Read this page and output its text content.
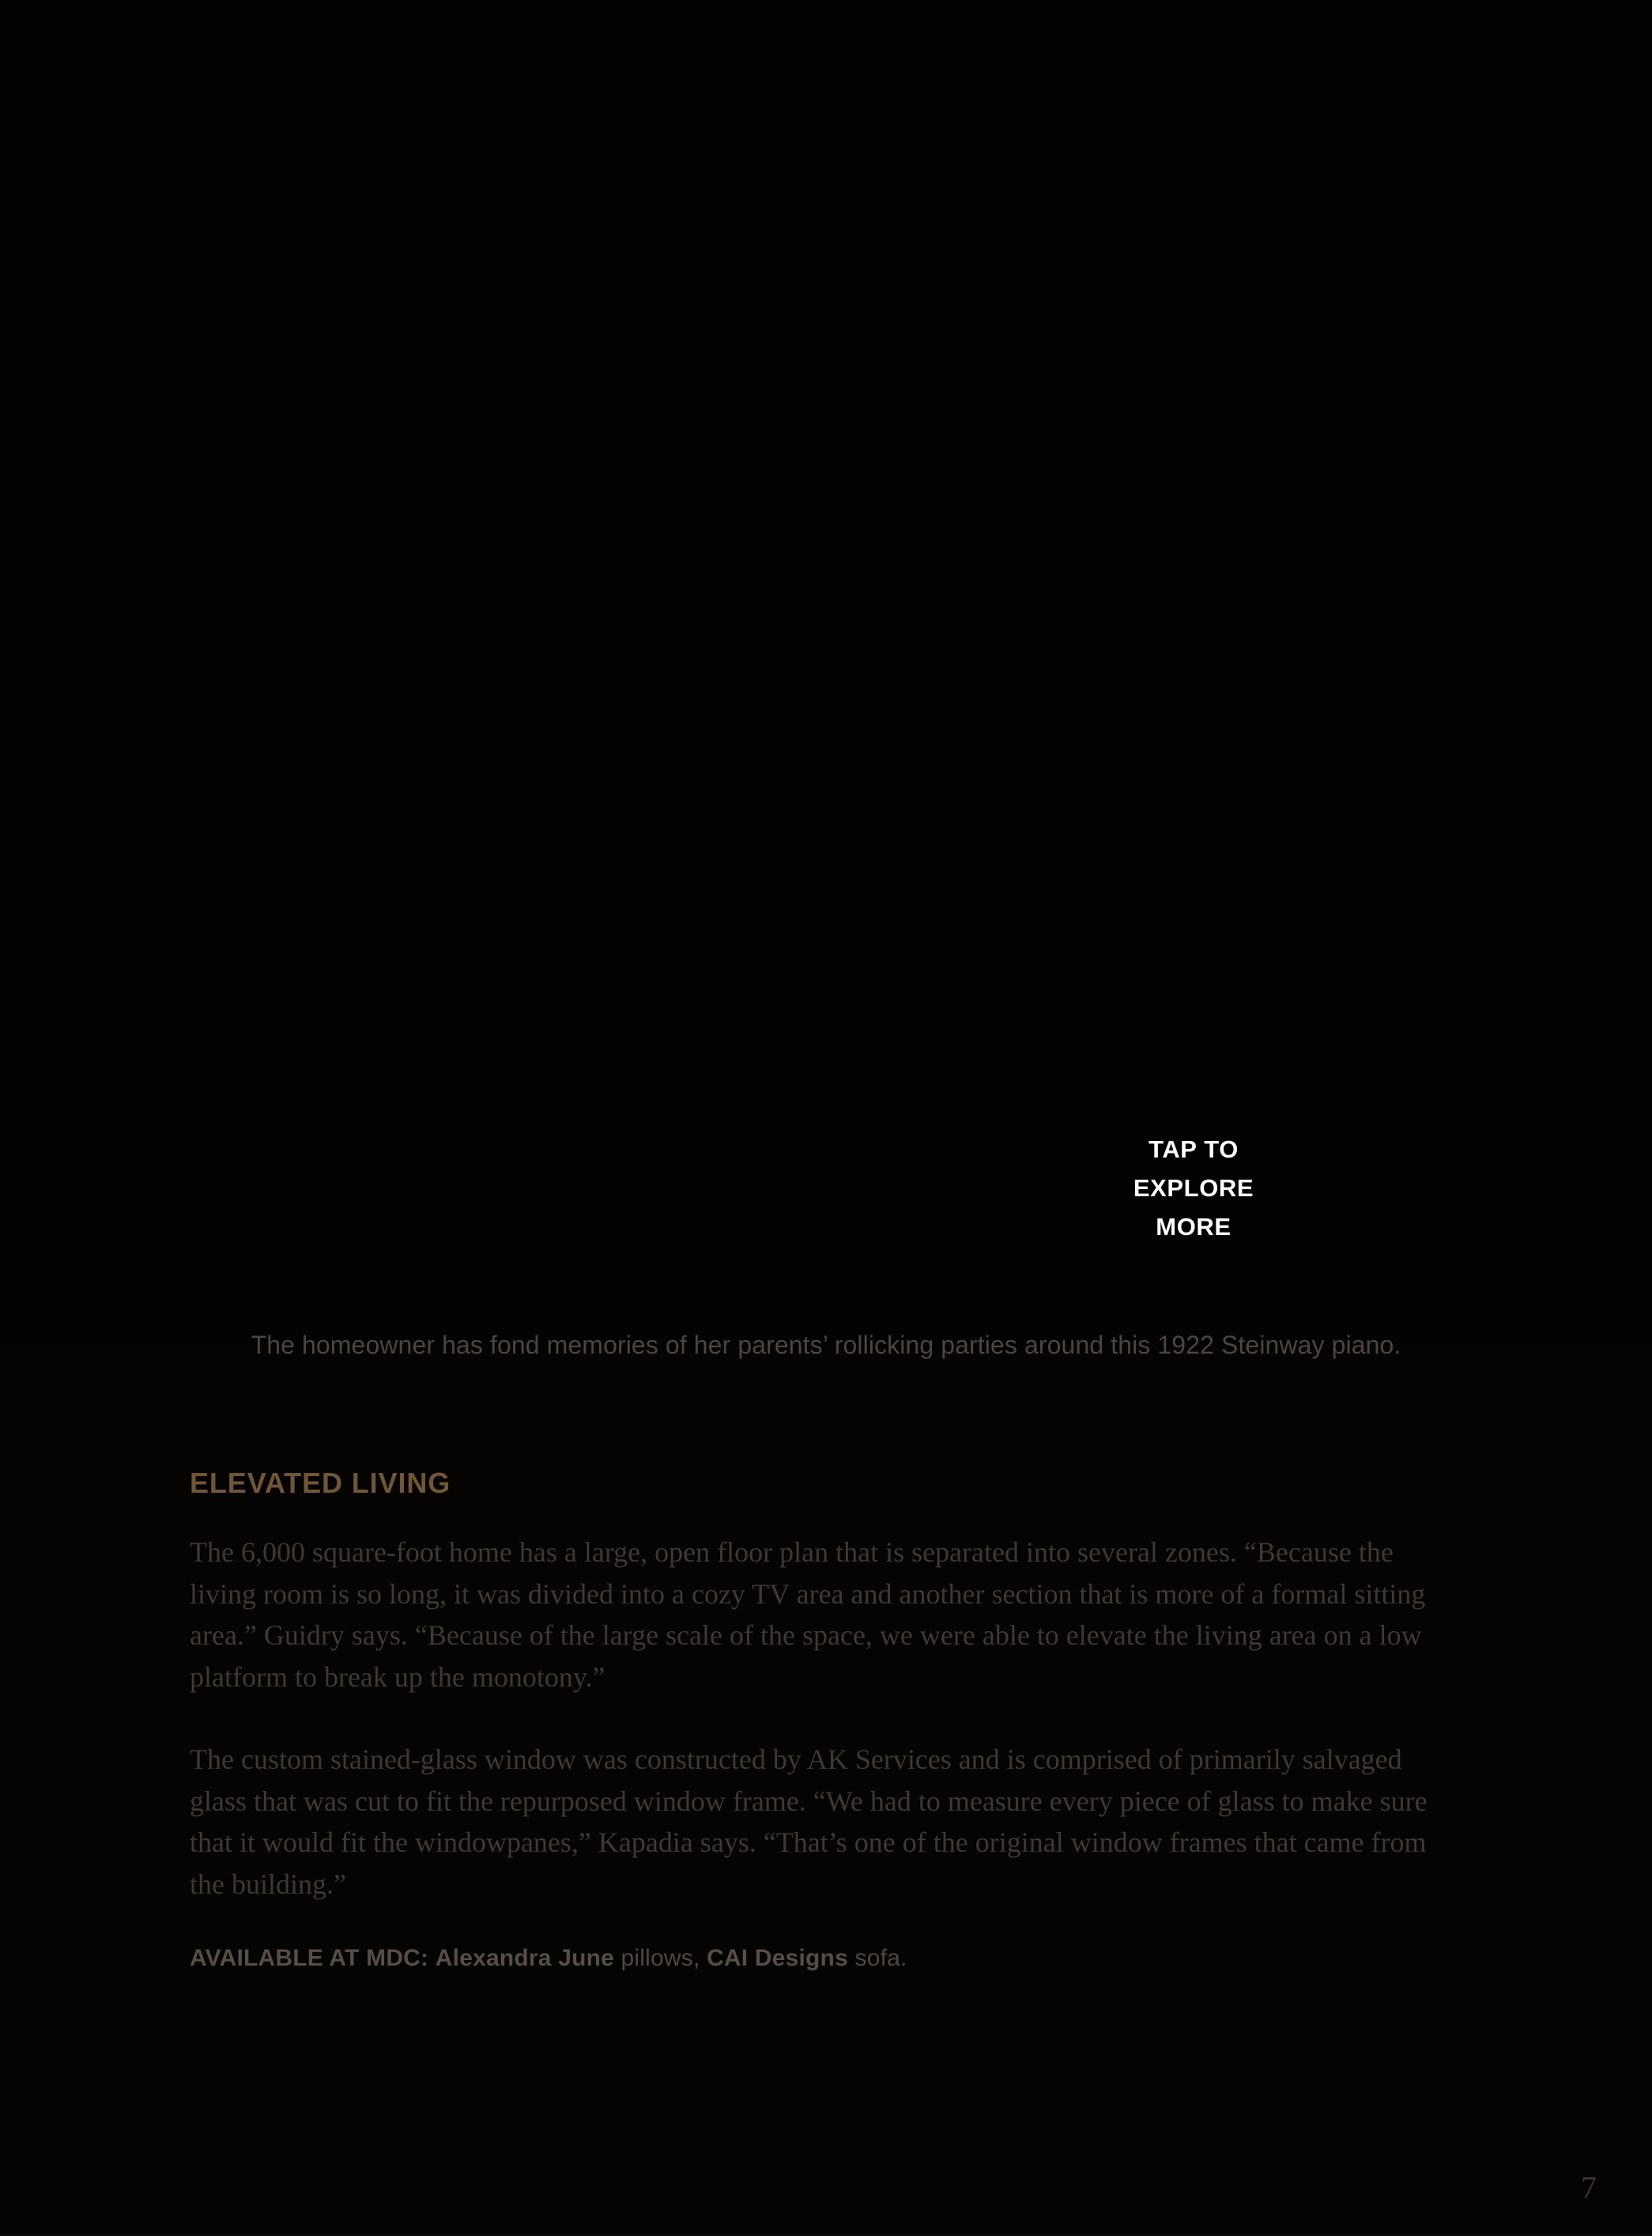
TAP TO
EXPLORE
MORE
The homeowner has fond memories of her parents’ rollicking parties around this 1922 Steinway piano.
ELEVATED LIVING

The 6,000 square-foot home has a large, open floor plan that is separated into several zones. “Because the living room is so long, it was divided into a cozy TV area and another section that is more of a formal sitting area.” Guidry says. “Because of the large scale of the space, we were able to elevate the living area on a low platform to break up the monotony.”

The custom stained-glass window was constructed by AK Services and is comprised of primarily salvaged glass that was cut to fit the repurposed window frame. “We had to measure every piece of glass to make sure that it would fit the windowpanes,” Kapadia says. “That’s one of the original window frames that came from the building.”

AVAILABLE AT MDC: Alexandra June pillows, CAI Designs sofa.

7
